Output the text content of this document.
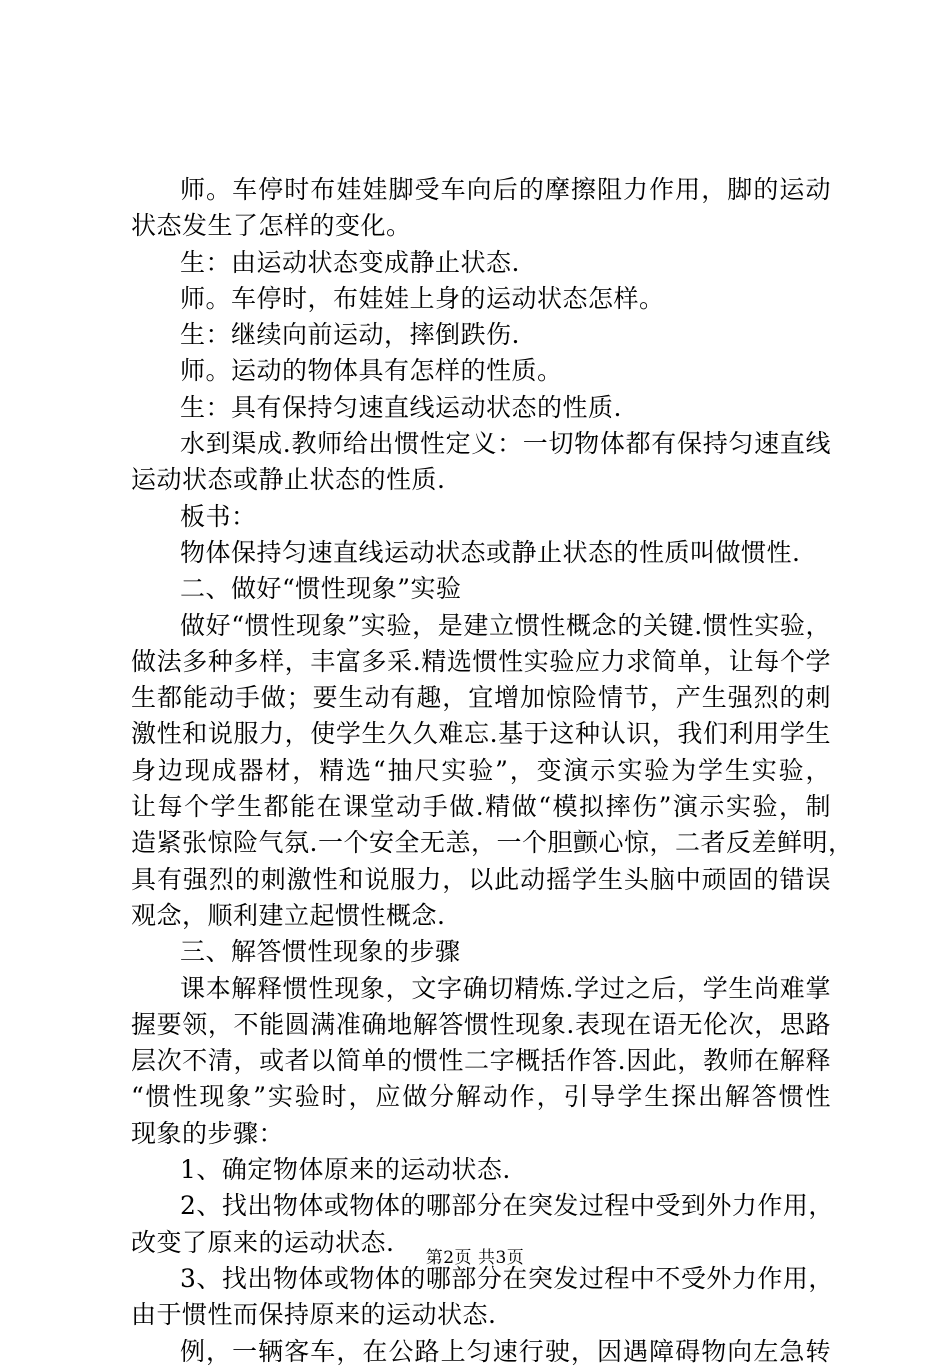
师。车停时布娃娃脚受车向后的摩擦阻力作用，脚的运动
状态发生了怎样的变化。
生：由运动状态变成静止状态.
师。车停时，布娃娃上身的运动状态怎样。
生：继续向前运动，摔倒跌伤.
师。运动的物体具有怎样的性质。
生：具有保持匀速直线运动状态的性质.
水到渠成.教师给出惯性定义：一切物体都有保持匀速直线
运动状态或静止状态的性质.
板书：
物体保持匀速直线运动状态或静止状态的性质叫做惯性.
二、做好“惯性现象”实验
做好“惯性现象”实验，是建立惯性概念的关键.惯性实验，
做法多种多样，丰富多采.精选惯性实验应力求简单，让每个学
生都能动手做；要生动有趣，宜增加惊险情节，产生强烈的刺
激性和说服力，使学生久久难忘.基于这种认识，我们利用学生
身边现成器材，精选“抽尺实验”，变演示实验为学生实验，
让每个学生都能在课堂动手做.精做“模拟摔伤”演示实验，制
造紧张惊险气氛.一个安全无恙，一个胆颤心惊，二者反差鲜明，
具有强烈的刺激性和说服力，以此动摇学生头脑中顽固的错误
观念，顺利建立起惯性概念.
三、解答惯性现象的步骤
课本解释惯性现象，文字确切精炼.学过之后，学生尚难掌
握要领，不能圆满准确地解答惯性现象.表现在语无伦次，思路
层次不清，或者以简单的惯性二字概括作答.因此，教师在解释
“惯性现象”实验时，应做分解动作，引导学生探出解答惯性
现象的步骤：
1、确定物体原来的运动状态.
2、找出物体或物体的哪部分在突发过程中受到外力作用，
改变了原来的运动状态.
3、找出物体或物体的哪部分在突发过程中不受外力作用，
由于惯性而保持原来的运动状态.
例，一辆客车，在公路上匀速行驶，因遇障碍物向左急转
第2页 共3页
